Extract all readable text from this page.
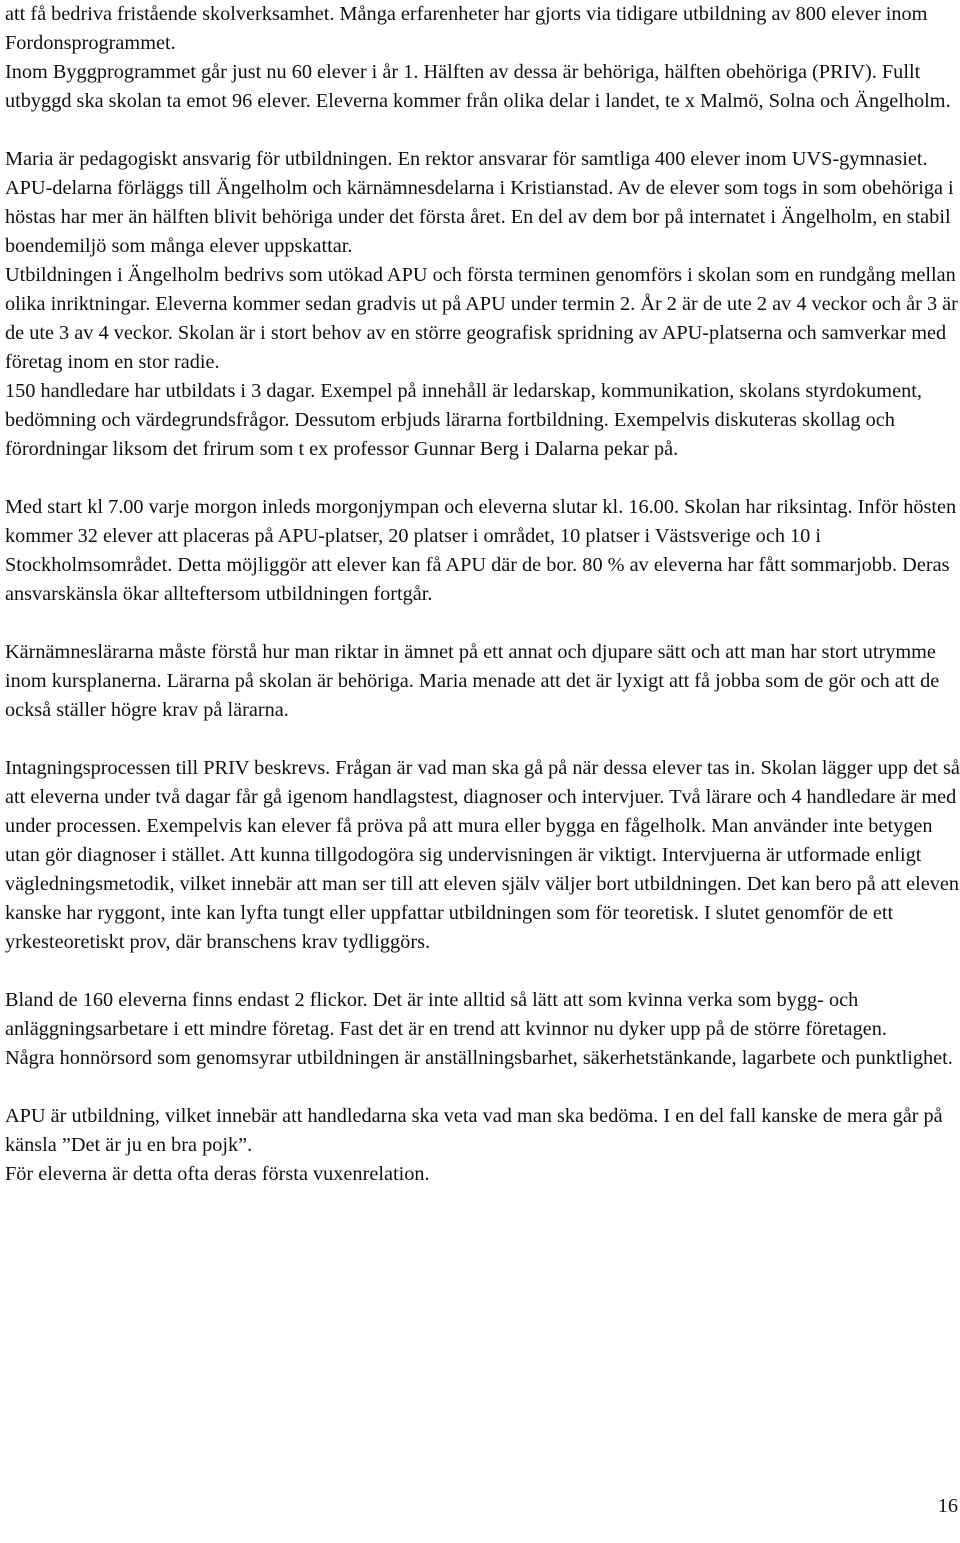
att få bedriva fristående skolverksamhet. Många erfarenheter har gjorts via tidigare utbildning av 800 elever inom Fordonsprogrammet.

Inom Byggprogrammet går just nu 60 elever i år 1. Hälften av dessa är behöriga, hälften obehöriga (PRIV). Fullt utbyggd ska skolan ta emot 96 elever. Eleverna kommer från olika delar i landet, te x Malmö, Solna och Ängelholm.

Maria är pedagogiskt ansvarig för utbildningen. En rektor ansvarar för samtliga 400 elever inom UVS-gymnasiet. APU-delarna förläggs till Ängelholm och kärnämnesdelarna i Kristianstad. Av de elever som togs in som obehöriga i höstas har mer än hälften blivit behöriga under det första året. En del av dem bor på internatet i Ängelholm, en stabil boendemiljö som många elever uppskattar.

Utbildningen i Ängelholm bedrivs som utökad APU och första terminen genomförs i skolan som en rundgång mellan olika inriktningar. Eleverna kommer sedan gradvis ut på APU under termin 2. År 2 är de ute 2 av 4 veckor och år 3 är de ute 3 av 4 veckor. Skolan är i stort behov av en större geografisk spridning av APU-platserna och samverkar med företag inom en stor radie.

150 handledare har utbildats i 3 dagar. Exempel på innehåll är ledarskap, kommunikation, skolans styrdokument, bedömning och värdegrundsfrågor. Dessutom erbjuds lärarna fortbildning. Exempelvis diskuteras skollag och förordningar liksom det frirum som t ex professor Gunnar Berg i Dalarna pekar på.

Med start kl 7.00 varje morgon inleds morgonjympan och eleverna slutar kl. 16.00. Skolan har riksintag. Inför hösten kommer 32 elever att placeras på APU-platser, 20 platser i området, 10 platser i Västsverige och 10 i Stockholmsområdet. Detta möjliggör att elever kan få APU där de bor. 80 % av eleverna har fått sommarjobb. Deras ansvarskänsla ökar allteftersom utbildningen fortgår.

Kärnämneslärarna måste förstå hur man riktar in ämnet på ett annat och djupare sätt och att man har stort utrymme inom kursplanerna. Lärarna på skolan är behöriga. Maria menade att det är lyxigt att få jobba som de gör och att de också ställer högre krav på lärarna.

Intagningsprocessen till PRIV beskrevs. Frågan är vad man ska gå på när dessa elever tas in. Skolan lägger upp det så att eleverna under två dagar får gå igenom handlagstest, diagnoser och intervjuer. Två lärare och 4 handledare är med under processen. Exempelvis kan elever få pröva på att mura eller bygga en fågelholk. Man använder inte betygen utan gör diagnoser i stället. Att kunna tillgodogöra sig undervisningen är viktigt. Intervjuerna är utformade enligt vägledningsmetodik, vilket innebär att man ser till att eleven själv väljer bort utbildningen. Det kan bero på att eleven kanske har ryggont, inte kan lyfta tungt eller uppfattar utbildningen som för teoretisk. I slutet genomför de ett yrkesteoretiskt prov, där branschens krav tydliggörs.

Bland de 160 eleverna finns endast 2 flickor. Det är inte alltid så lätt att som kvinna verka som bygg- och anläggningsarbetare i ett mindre företag. Fast det är en trend att kvinnor nu dyker upp på de större företagen.

Några honnörsord som genomsyrar utbildningen är anställningsbarhet, säkerhetstänkande, lagarbete och punktlighet.

APU är utbildning, vilket innebär att handledarna ska veta vad man ska bedöma. I en del fall kanske de mera går på känsla ”Det är ju en bra pojk”.

För eleverna är detta ofta deras första vuxenrelation.

16
